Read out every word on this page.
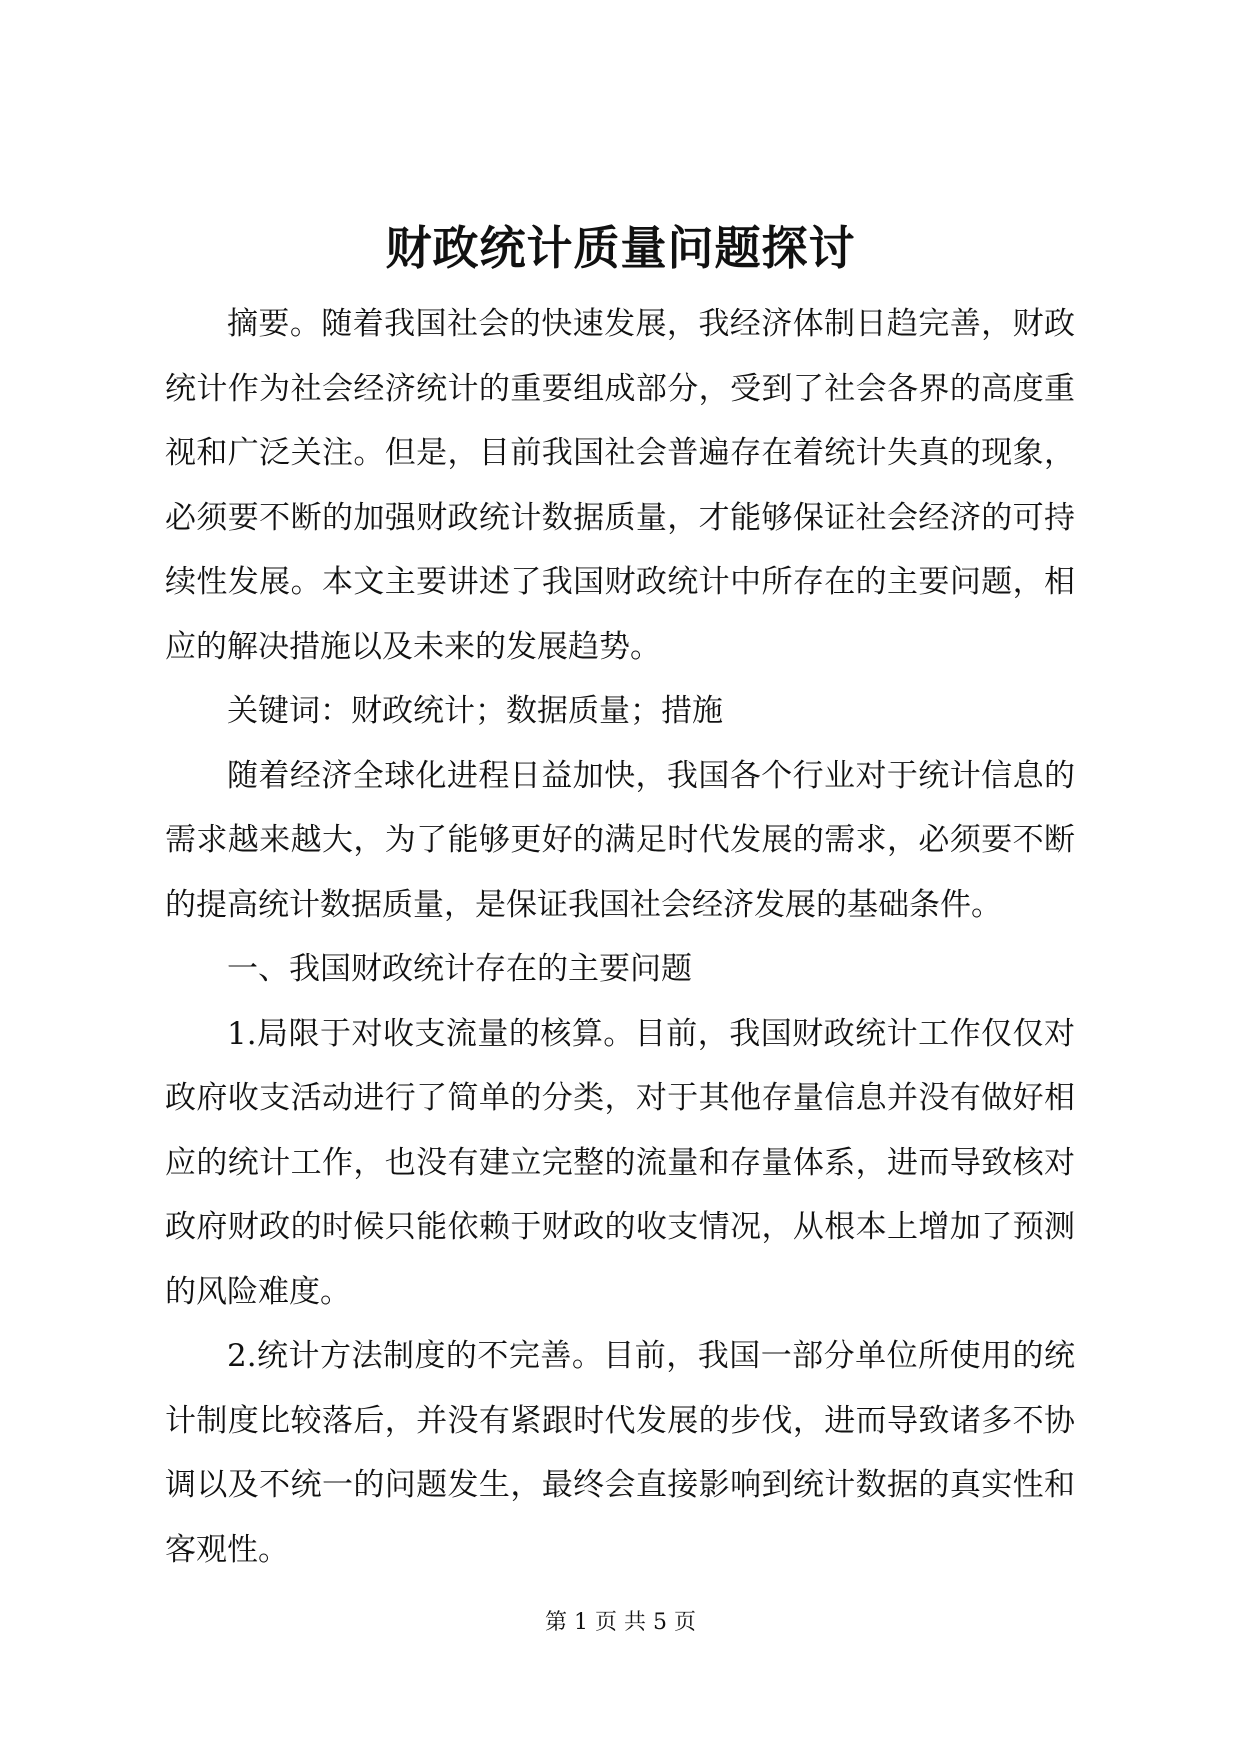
财政统计质量问题探讨

摘要。随着我国社会的快速发展，我经济体制日趋完善，财政统计作为社会经济统计的重要组成部分，受到了社会各界的高度重视和广泛关注。但是，目前我国社会普遍存在着统计失真的现象，必须要不断的加强财政统计数据质量，才能够保证社会经济的可持续性发展。本文主要讲述了我国财政统计中所存在的主要问题，相应的解决措施以及未来的发展趋势。

关键词：财政统计；数据质量；措施

随着经济全球化进程日益加快，我国各个行业对于统计信息的需求越来越大，为了能够更好的满足时代发展的需求，必须要不断的提高统计数据质量，是保证我国社会经济发展的基础条件。

一、我国财政统计存在的主要问题

1.局限于对收支流量的核算。目前，我国财政统计工作仅仅对政府收支活动进行了简单的分类，对于其他存量信息并没有做好相应的统计工作，也没有建立完整的流量和存量体系，进而导致核对政府财政的时候只能依赖于财政的收支情况，从根本上增加了预测的风险难度。

2.统计方法制度的不完善。目前，我国一部分单位所使用的统计制度比较落后，并没有紧跟时代发展的步伐，进而导致诸多不协调以及不统一的问题发生，最终会直接影响到统计数据的真实性和客观性。

第 1 页 共 5 页
